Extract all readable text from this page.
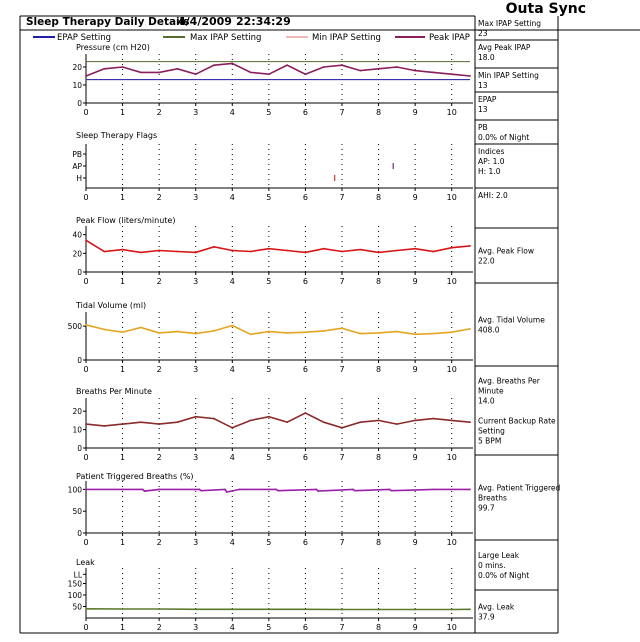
Sleep Therapy Daily Details
4/4/2009 22:34:29
Outa Sync
EPAP Setting	Max IPAP Setting	Min IPAP Setting	Peak IPAP
Pressure (cm H20)
0	1	2	3	4	5	6	7	8	9	10
0
10
20
Sleep Therapy Flags
0	1	2	3	4	5	6	7	8	9	10
PB
AP
H
Peak Flow (liters/minute)
0	1	2	3	4	5	6	7	8	9	10
0
20
40
Tidal Volume (ml)
0	1	2	3	4	5	6	7	8	9	10
0
500
Breaths Per Minute
0	1	2	3	4	5	6	7	8	9	10
0
10
20
Patient Triggered Breaths (%)
0	1	2	3	4	5	6	7	8	9	10
0
50
100
Leak
0	1	2	3	4	5	6	7	8	9	10
50
100
150
LL
Max IPAP Setting
23
Avg Peak IPAP
18.0
Min IPAP Setting
13
EPAP
13
PB
0.0% of Night
Indices
AP: 1.0
H: 1.0
AHI: 2.0
Avg. Peak Flow
22.0
Avg. Tidal Volume
408.0
Avg. Breaths Per
Minute
14.0
Current Backup Rate
Setting
5 BPM
Avg. Patient Triggered
Breaths
99.7
Large Leak
0 mins.
0.0% of Night
Avg. Leak
37.9
